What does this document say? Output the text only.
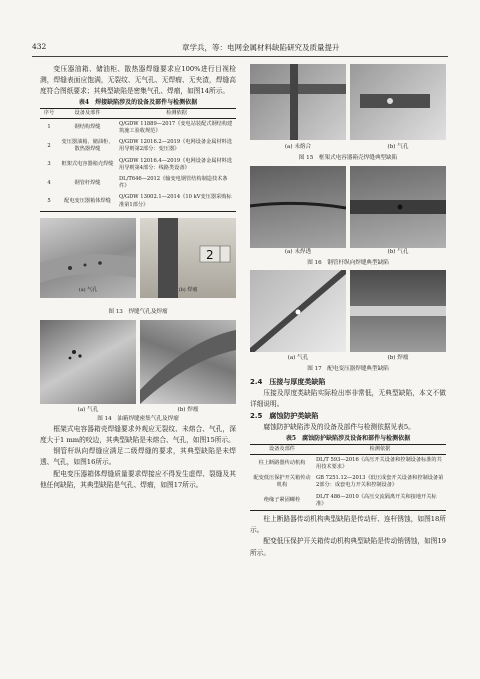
432	章学兵，等：电网金属材料缺陷研究及质量提升

变压器油箱、储油柜、散热器焊缝要求应100%进行目视检测，焊缝表面应饱满，无裂纹、无气孔、无焊瘤、无夹渣，焊缝高度符合图纸要求；其典型缺陷是密集气孔、焊瘤，如图14所示。

表4　焊接缺陷涉及的设备及部件与检测依据
序号	设备及部件	检测依据
1	钢结构焊缝	Q/GDW 11889—2017《变电站装配式钢结构建筑施工验收规范》
2	变压器油箱、储油柜、散热器焊缝	Q/GDW 12016.2—2019《电网设备金属材料选用导则第2部分：变压器》
3	框架式电容器箱壳焊缝	Q/GDW 12016.4—2019《电网设备金属材料选用导则第4部分：线路类设备》
4	钢管杆焊缝	DL/T646—2012《输变电钢管结构制造技术条件》
5	配电变压器箱体焊缝	Q/GDW 13002.1—2014《10 kV变压器采购标准第1部分》
(a) 气孔
2
(b) 焊瘤
图 13　焊缝气孔及焊瘤
(a) 气孔	(b) 焊瘤
图 14　油箱焊缝密集气孔及焊瘤

框架式电容器箱壳焊缝要求外观应无裂纹、未熔合、气孔，深度大于1 mm的咬边，其典型缺陷是未熔合、气孔，如图15所示。

钢管杆纵向焊缝应满足二级焊缝的要求，其典型缺陷是未焊透、气孔，如图16所示。

配电变压器箱体焊缝质量要求焊接应不得发生虚焊、裂缝及其他任何缺陷，其典型缺陷是气孔、焊瘤，如图17所示。

(a) 未熔合	(b) 气孔
图 15　框架式电容器箱壳焊缝典型缺陷
(a) 未焊透	(b) 气孔
图 16　钢管杆纵向焊缝典型缺陷
(a) 气孔	(b) 焊瘤
图 17　配电变压器焊缝典型缺陷
2.4　压接与厚度类缺陷

压接及厚度类缺陷实际检出率非常低，无典型缺陷，本文不做详细说明。

2.5　腐蚀防护类缺陷

腐蚀防护缺陷涉及的设备及部件与检测依据见表5。

表5　腐蚀防护缺陷涉及设备和部件与检测依据
设备及部件	检测依据
柱上断路器传动机构	DL/T 593—2016《高压开关设备和控制设备标准的共用技术要求》
配变低压保护开关箱传动机构	GB 7251.12—2013《低压成套开关设备和控制设备第2部分：成套电力开关和控制设备》
绝缘子紧固螺栓	DL/T 486—2010《高压交流隔离开关和接地开关标准》

柱上断路器传动机构典型缺陷是传动杆、连杆锈蚀，如图18所示。

配变低压保护开关箱传动机构典型缺陷是传动销锈蚀，如图19所示。
